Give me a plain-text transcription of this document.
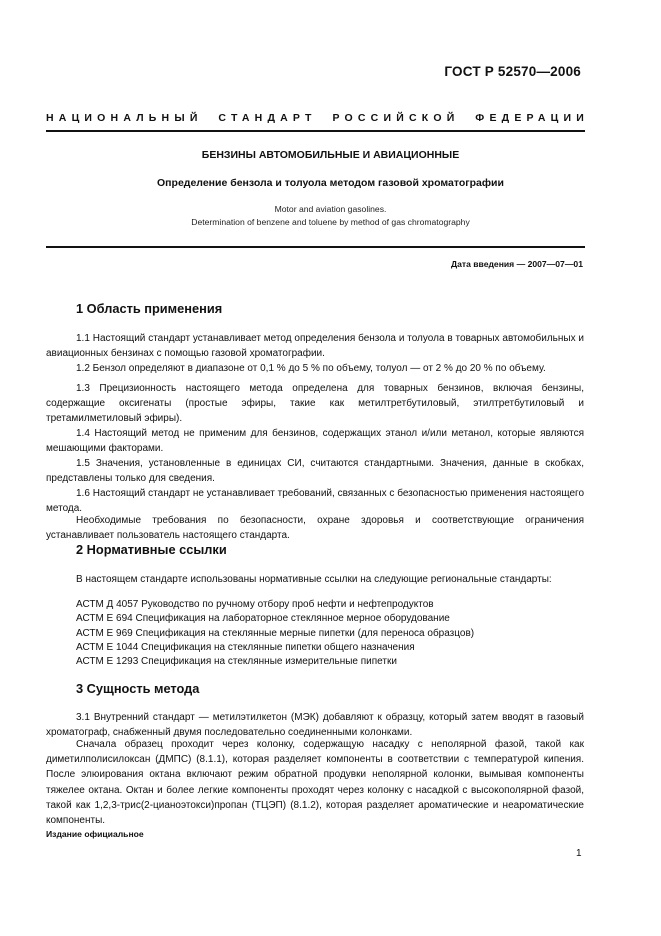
ГОСТ Р 52570—2006
НАЦИОНАЛЬНЫЙ СТАНДАРТ РОССИЙСКОЙ ФЕДЕРАЦИИ
БЕНЗИНЫ АВТОМОБИЛЬНЫЕ И АВИАЦИОННЫЕ
Определение бензола и толуола методом газовой хроматографии
Motor and aviation gasolines.
Determination of benzene and toluene by method of gas chromatography
Дата введения — 2007—07—01
1 Область применения
1.1 Настоящий стандарт устанавливает метод определения бензола и толуола в товарных автомобильных и авиационных бензинах с помощью газовой хроматографии.
1.2 Бензол определяют в диапазоне от 0,1 % до 5 % по объему, толуол — от 2 % до 20 % по объему.
1.3 Прецизионность настоящего метода определена для товарных бензинов, включая бензины, содержащие оксигенаты (простые эфиры, такие как метилтретбутиловый, этилтретбутиловый и третамилметиловый эфиры).
1.4 Настоящий метод не применим для бензинов, содержащих этанол и/или метанол, которые являются мешающими факторами.
1.5 Значения, установленные в единицах СИ, считаются стандартными. Значения, данные в скобках, представлены только для сведения.
1.6 Настоящий стандарт не устанавливает требований, связанных с безопасностью применения настоящего метода.
Необходимые требования по безопасности, охране здоровья и соответствующие ограничения устанавливает пользователь настоящего стандарта.
2 Нормативные ссылки
В настоящем стандарте использованы нормативные ссылки на следующие региональные стандарты:
АСТМ Д 4057 Руководство по ручному отбору проб нефти и нефтепродуктов
АСТМ Е 694 Спецификация на лабораторное стеклянное мерное оборудование
АСТМ Е 969 Спецификация на стеклянные мерные пипетки (для переноса образцов)
АСТМ Е 1044 Спецификация на стеклянные пипетки общего назначения
АСТМ Е 1293 Спецификация на стеклянные измерительные пипетки
3 Сущность метода
3.1 Внутренний стандарт — метилэтилкетон (МЭК) добавляют к образцу, который затем вводят в газовый хроматограф, снабженный двумя последовательно соединенными колонками.
Сначала образец проходит через колонку, содержащую насадку с неполярной фазой, такой как диметилполисилоксан (ДМПС) (8.1.1), которая разделяет компоненты в соответствии с температурой кипения. После элюирования октана включают режим обратной продувки неполярной колонки, вымывая компоненты тяжелее октана. Октан и более легкие компоненты проходят через колонку с насадкой с высокополярной фазой, такой как 1,2,3-трис(2-цианоэтокси)пропан (ТЦЭП) (8.1.2), которая разделяет ароматические и неароматические компоненты.
Издание официальное
1
